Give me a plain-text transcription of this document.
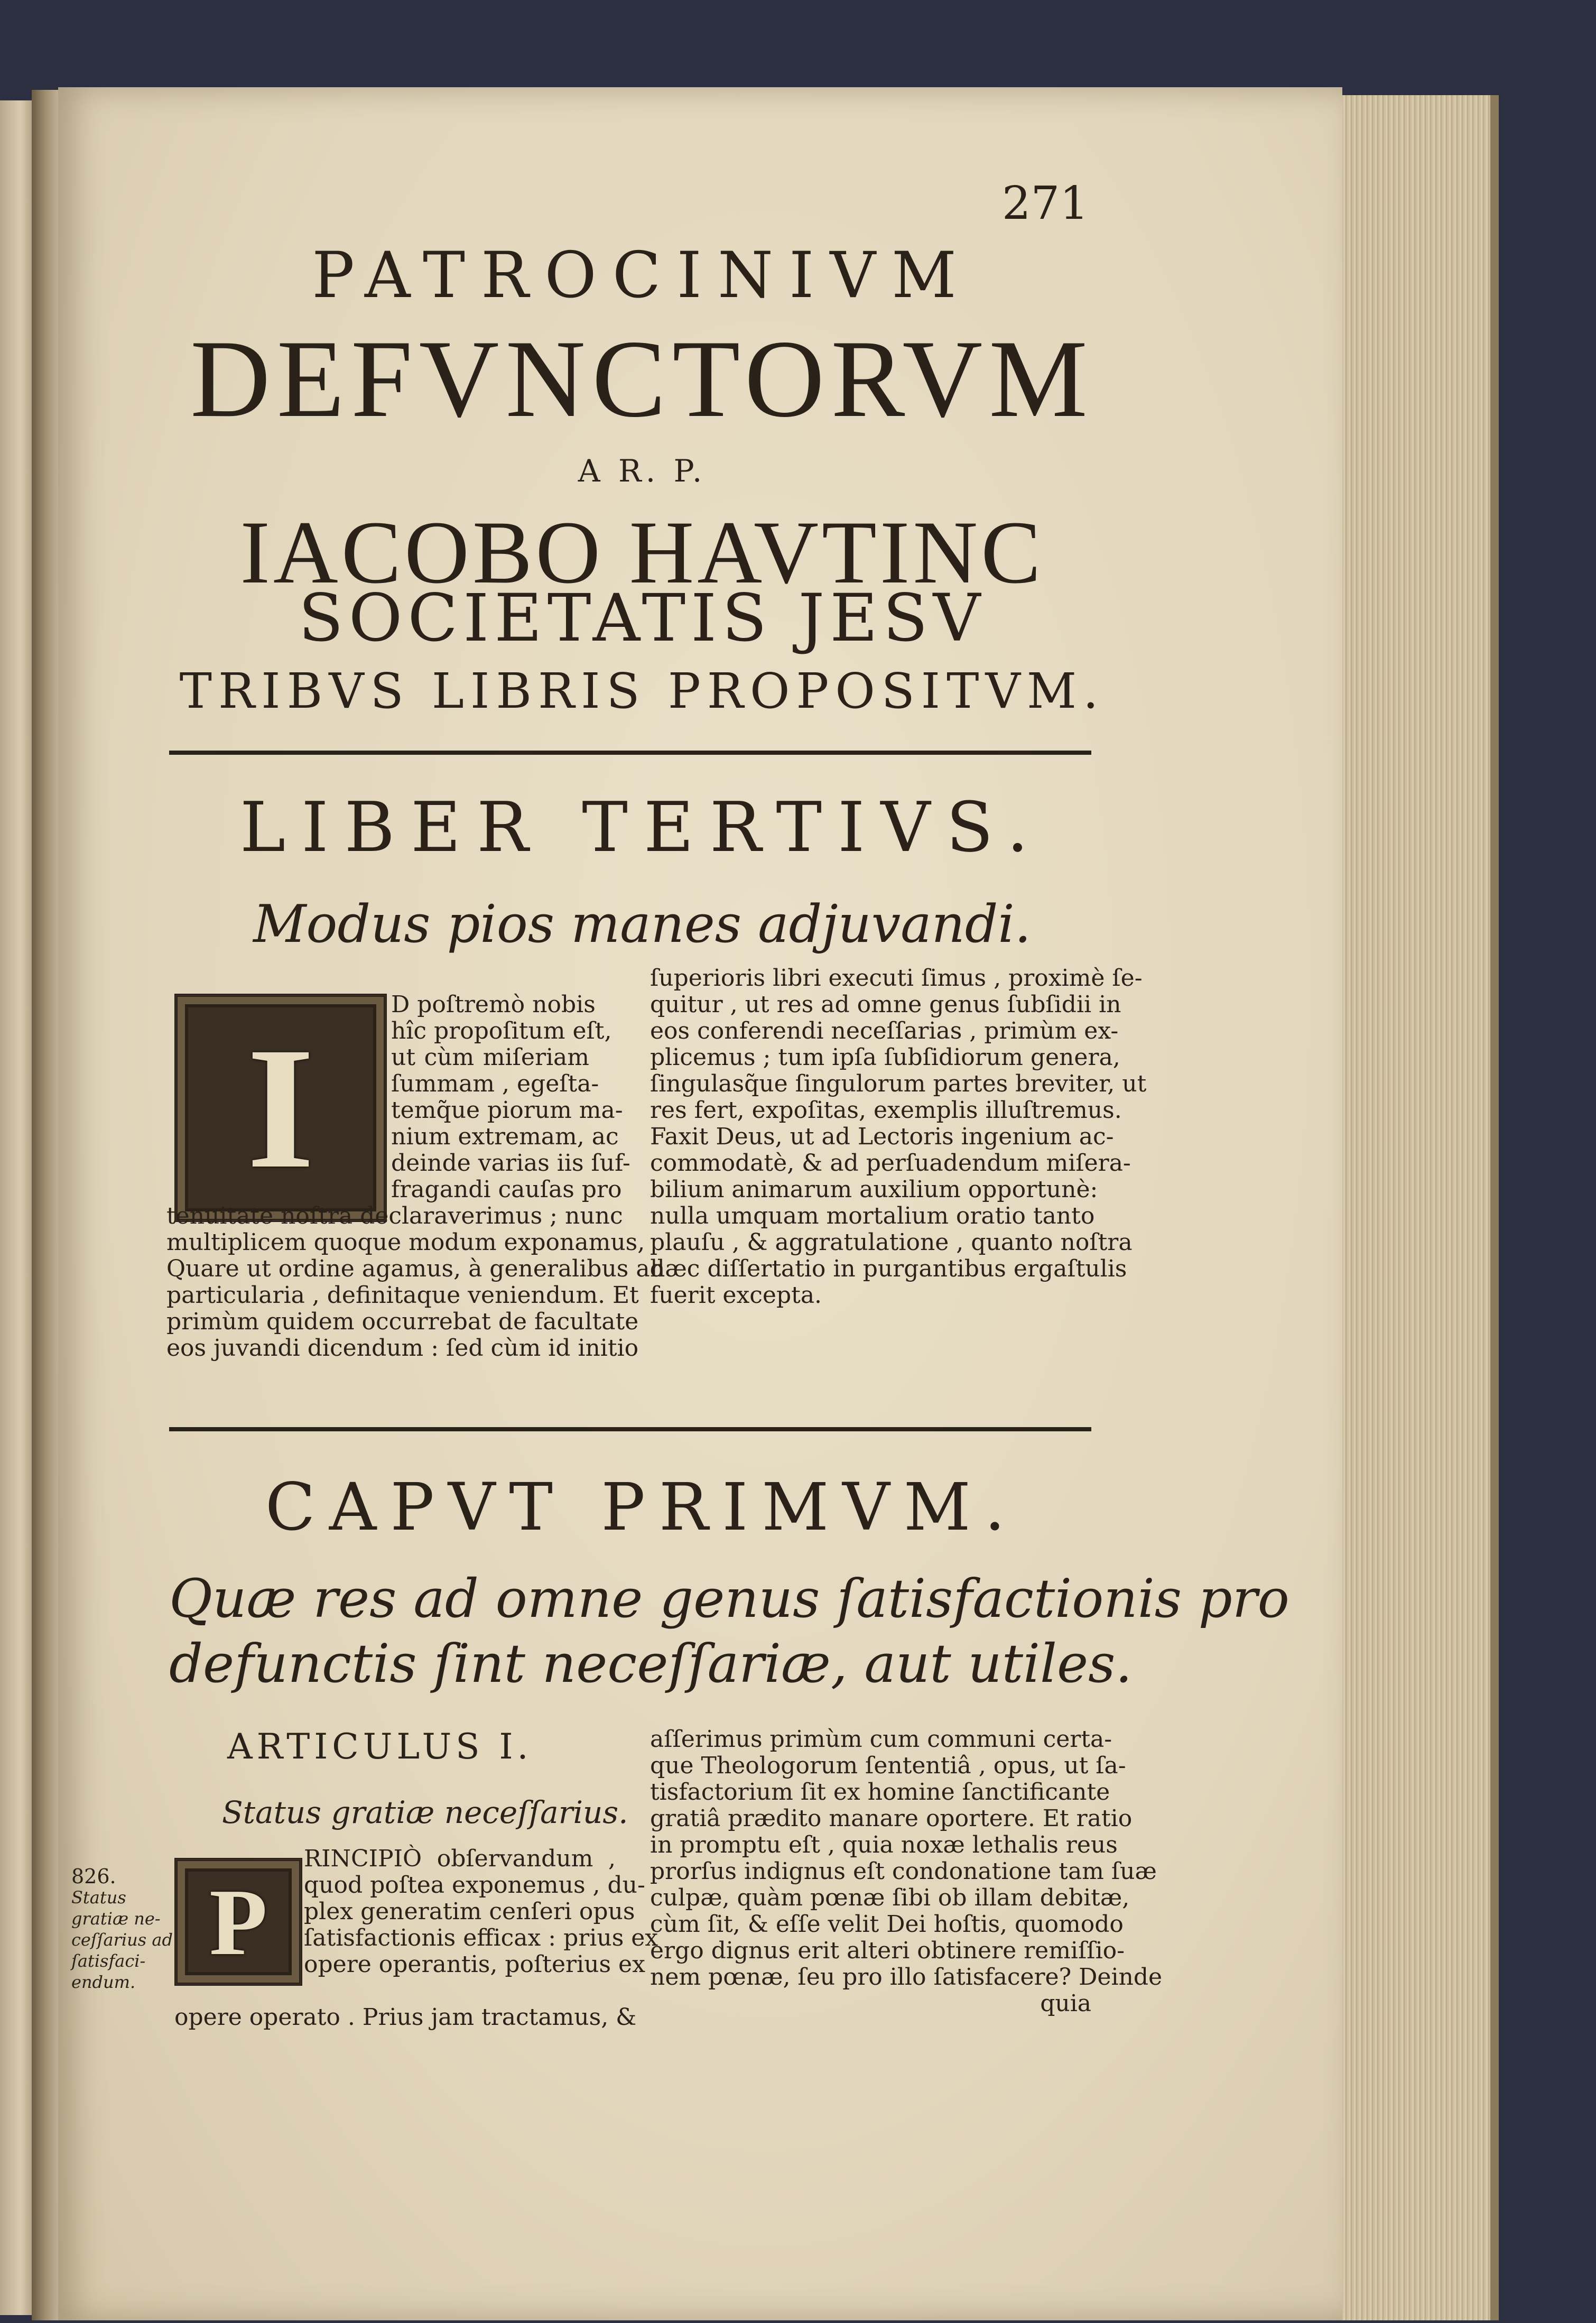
271
PATROCINIVM
DEFVNCTORVM
A R. P.
IACOBO HAVTINC
SOCIETATIS JESV
TRIBVS LIBRIS PROPOSITVM.
LIBER TERTIVS.
Modus pios manes adjuvandi.
I
D poſtremò nobis
hîc propoſitum eſt,
ut cùm miſeriam
ſummam , egeſta-
temq̃ue piorum ma-
nium extremam, ac
deinde varias iis ſuf-
fragandi cauſas pro
tenuitate noſtra declaraverimus ; nunc
multiplicem quoque modum exponamus,
Quare ut ordine agamus, à generalibus ad
particularia , definitaque veniendum. Et
primùm quidem occurrebat de facultate
eos juvandi dicendum : ſed cùm id initio
ſuperioris libri executi ſimus , proximè ſe-
quitur , ut res ad omne genus ſubſidii in
eos conferendi neceſſarias , primùm ex-
plicemus ; tum ipſa ſubſidiorum genera,
ſingulasq̃ue ſingulorum partes breviter, ut
res fert, expoſitas, exemplis illuſtremus.
Faxit Deus, ut ad Lectoris ingenium ac-
commodatè, & ad perſuadendum miſera-
bilium animarum auxilium opportunè:
nulla umquam mortalium oratio tanto
plauſu , & aggratulatione , quanto noſtra
hæc diſſertatio in purgantibus ergaſtulis
fuerit excepta.
CAPVT PRIMVM.
Quæ res ad omne genus ſatisfactionis pro
defunctis ſint neceſſariæ, aut utiles.
ARTICULUS I.
Status gratiæ neceſſarius.
826.
Status
gratiæ ne-
ceſſarius ad
ſatisfaci-
endum.
P
RINCIPIÒ obſervandum ,
quod poſtea exponemus , du-
plex generatim cenſeri opus
ſatisfactionis efficax : prius ex
opere operantis, poſterius ex
opere operato . Prius jam tractamus, &
aſſerimus primùm cum communi certa-
que Theologorum ſententiâ , opus, ut ſa-
tisfactorium ſit ex homine ſanctificante
gratiâ prædito manare oportere. Et ratio
in promptu eſt , quia noxæ lethalis reus
prorſus indignus eſt condonatione tam ſuæ
culpæ, quàm pœnæ ſibi ob illam debitæ,
cùm ſit, & eſſe velit Dei hoſtis, quomodo
ergo dignus erit alteri obtinere remiſſio-
nem pœnæ, ſeu pro illo ſatisfacere? Deinde
quia
